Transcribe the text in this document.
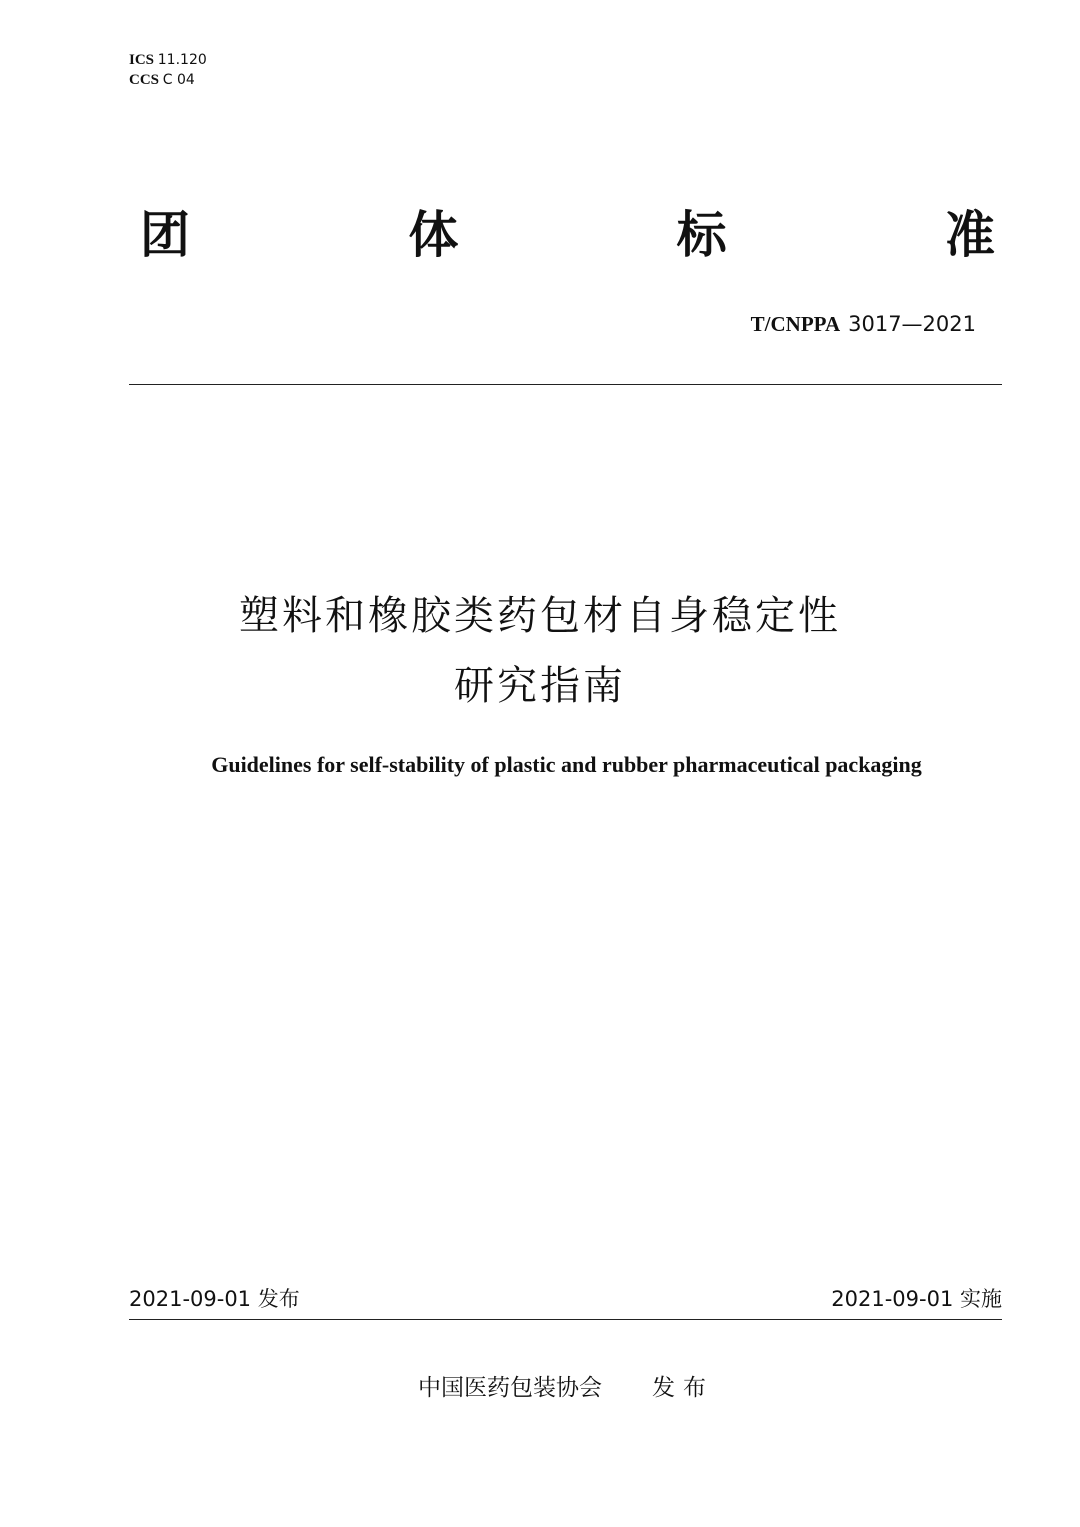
ICS 11.120
CCS C 04
团	体	标	准
T/CNPPA 3017—2021
塑料和橡胶类药包材自身稳定性
研究指南
Guidelines for self-stability of plastic and rubber pharmaceutical packaging
2021-09-01 发布	2021-09-01 实施
中国医药包装协会 发布
